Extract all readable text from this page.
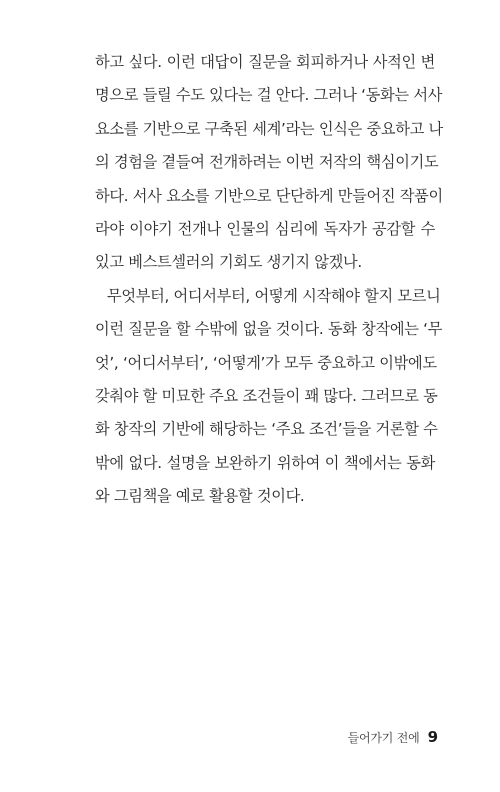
하고 싶다. 이런 대답이 질문을 회피하거나 사적인 변
명으로 들릴 수도 있다는 걸 안다. 그러나 ‘동화는 서사
요소를 기반으로 구축된 세계’라는 인식은 중요하고 나
의 경험을 곁들여 전개하려는 이번 저작의 핵심이기도
하다. 서사 요소를 기반으로 단단하게 만들어진 작품이
라야 이야기 전개나 인물의 심리에 독자가 공감할 수
있고 베스트셀러의 기회도 생기지 않겠나.
무엇부터, 어디서부터, 어떻게 시작해야 할지 모르니
이런 질문을 할 수밖에 없을 것이다. 동화 창작에는 ‘무
엇’, ‘어디서부터’, ‘어떻게’가 모두 중요하고 이밖에도
갖춰야 할 미묘한 주요 조건들이 꽤 많다. 그러므로 동
화 창작의 기반에 해당하는 ‘주요 조건’들을 거론할 수
밖에 없다. 설명을 보완하기 위하여 이 책에서는 동화
와 그림책을 예로 활용할 것이다.
들어가기 전에 9
